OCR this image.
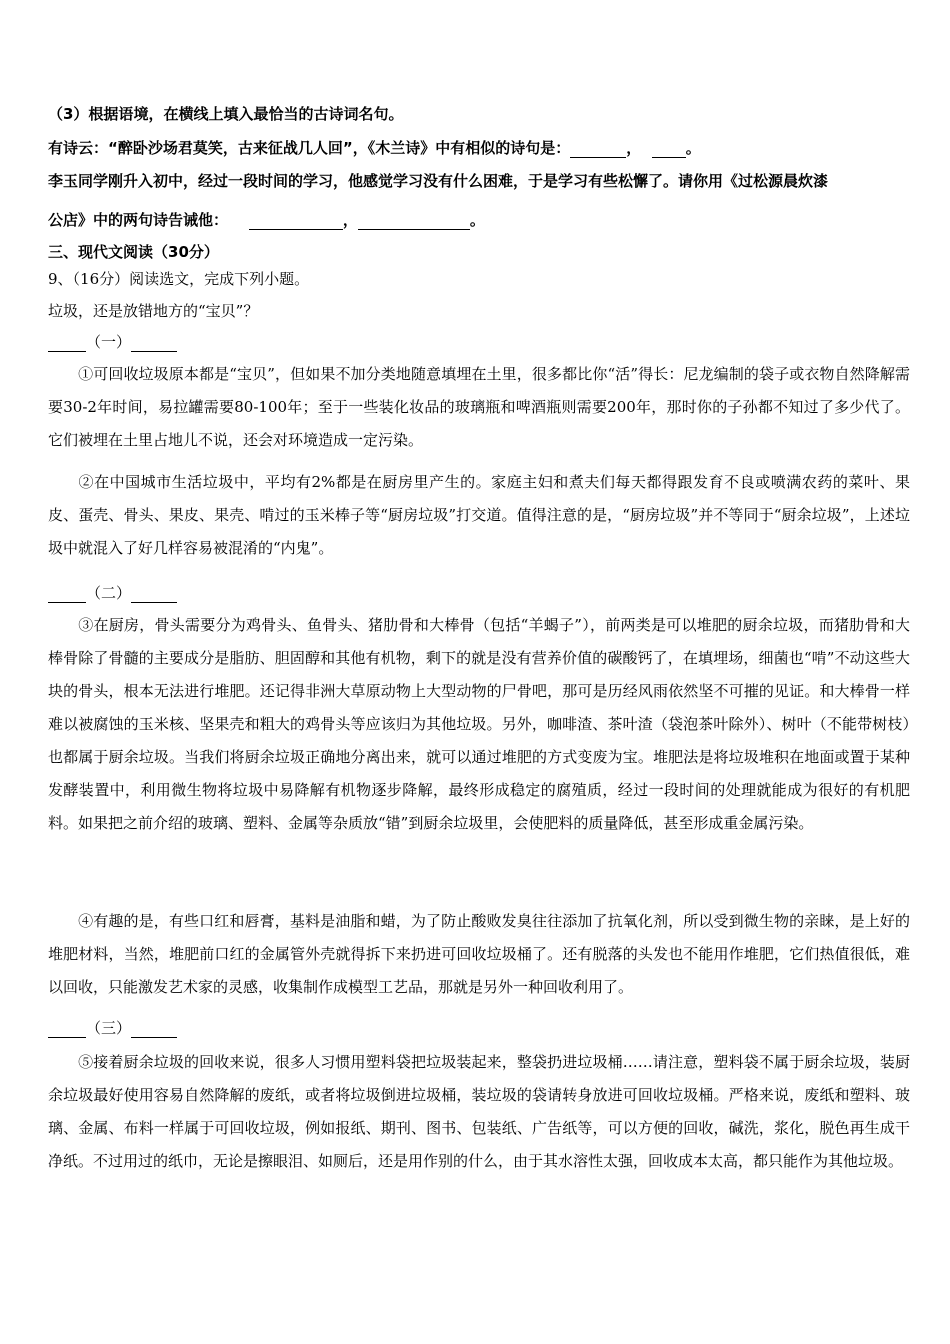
（3）根据语境，在横线上填入最恰当的古诗词名句。
有诗云：“醉卧沙场君莫笑，古来征战几人回”，《木兰诗》中有相似的诗句是：	，	。
李玉同学刚升入初中，经过一段时间的学习，他感觉学习没有什么困难，于是学习有些松懈了。请你用《过松源晨炊漆
公店》中的两句诗告诫他：	，	。
三、现代文阅读（30分）
9、（16分）阅读选文，完成下列小题。
垃圾，还是放错地方的“宝贝”？
（一）
①可回收垃圾原本都是“宝贝”，但如果不加分类地随意填埋在土里，很多都比你“活”得长：尼龙编制的袋子或衣物自然降解需要30-2年时间，易拉罐需要80-100年；至于一些装化妆品的玻璃瓶和啤酒瓶则需要200年，那时你的子孙都不知过了多少代了。它们被埋在土里占地儿不说，还会对环境造成一定污染。
②在中国城市生活垃圾中，平均有2%都是在厨房里产生的。家庭主妇和煮夫们每天都得跟发育不良或喷满农药的菜叶、果皮、蛋壳、骨头、果皮、果壳、啃过的玉米棒子等“厨房垃圾”打交道。值得注意的是，“厨房垃圾”并不等同于“厨余垃圾”，上述垃圾中就混入了好几样容易被混淆的“内鬼”。
（二）
③在厨房，骨头需要分为鸡骨头、鱼骨头、猪肋骨和大棒骨（包括“羊蝎子”），前两类是可以堆肥的厨余垃圾，而猪肋骨和大棒骨除了骨髓的主要成分是脂肪、胆固醇和其他有机物，剩下的就是没有营养价值的碳酸钙了，在填埋场，细菌也“啃”不动这些大块的骨头，根本无法进行堆肥。还记得非洲大草原动物上大型动物的尸骨吧，那可是历经风雨依然坚不可摧的见证。和大棒骨一样难以被腐蚀的玉米核、坚果壳和粗大的鸡骨头等应该归为其他垃圾。另外，咖啡渣、茶叶渣（袋泡茶叶除外）、树叶（不能带树枝）也都属于厨余垃圾。当我们将厨余垃圾正确地分离出来，就可以通过堆肥的方式变废为宝。堆肥法是将垃圾堆积在地面或置于某种发酵装置中，利用微生物将垃圾中易降解有机物逐步降解，最终形成稳定的腐殖质，经过一段时间的处理就能成为很好的有机肥料。如果把之前介绍的玻璃、塑料、金属等杂质放“错”到厨余垃圾里，会使肥料的质量降低，甚至形成重金属污染。
④有趣的是，有些口红和唇膏，基料是油脂和蜡，为了防止酸败发臭往往添加了抗氧化剂，所以受到微生物的亲睐，是上好的堆肥材料，当然，堆肥前口红的金属管外壳就得拆下来扔进可回收垃圾桶了。还有脱落的头发也不能用作堆肥，它们热值很低，难以回收，只能激发艺术家的灵感，收集制作成模型工艺品，那就是另外一种回收利用了。
（三）
⑤接着厨余垃圾的回收来说，很多人习惯用塑料袋把垃圾装起来，整袋扔进垃圾桶……请注意，塑料袋不属于厨余垃圾，装厨余垃圾最好使用容易自然降解的废纸，或者将垃圾倒进垃圾桶，装垃圾的袋请转身放进可回收垃圾桶。严格来说，废纸和塑料、玻璃、金属、布料一样属于可回收垃圾，例如报纸、期刊、图书、包装纸、广告纸等，可以方便的回收，碱洗，浆化，脱色再生成干净纸。不过用过的纸巾，无论是擦眼泪、如厕后，还是用作别的什么，由于其水溶性太强，回收成本太高，都只能作为其他垃圾。
